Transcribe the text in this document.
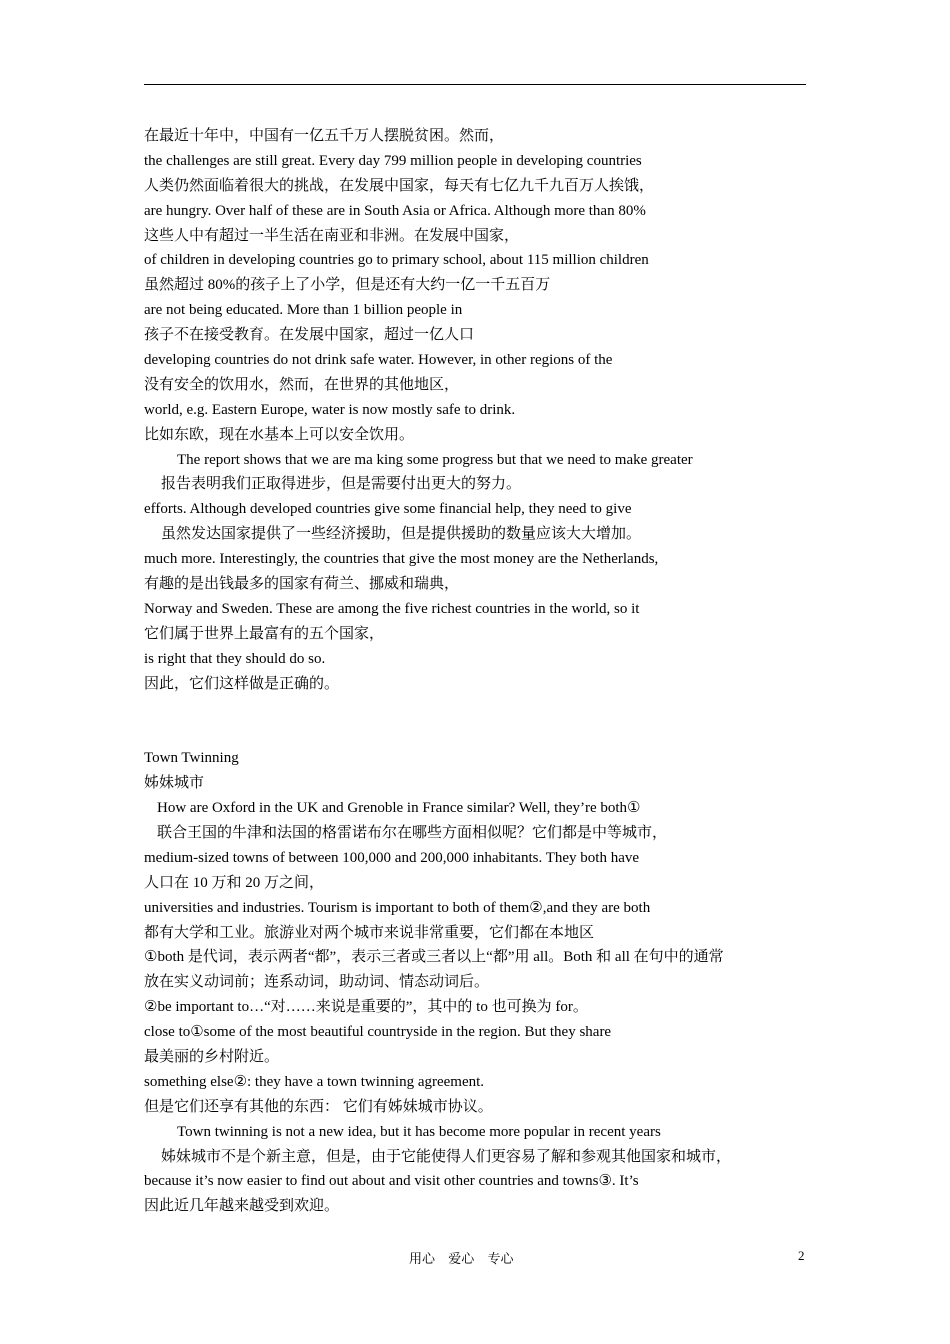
在最近十年中，中国有一亿五千万人摆脱贫困。然而，
the challenges are still great. Every day 799 million people in developing countries
人类仍然面临着很大的挑战，在发展中国家，每天有七亿九千九百万人挨饿，
are hungry. Over half of these are in South Asia or Africa. Although more than 80%
这些人中有超过一半生活在南亚和非洲。在发展中国家，
of children in developing countries go to primary school, about 115 million children
虽然超过 80%的孩子上了小学，但是还有大约一亿一千五百万
are not being educated. More than 1 billion people in
孩子不在接受教育。在发展中国家，超过一亿人口
developing countries do not drink safe water. However, in other regions of the
没有安全的饮用水，然而，在世界的其他地区，
world, e.g. Eastern Europe, water is now mostly safe to drink.
比如东欧，现在水基本上可以安全饮用。
The report shows that we are ma king some progress but that we need to make greater
报告表明我们正取得进步，但是需要付出更大的努力。
efforts. Although developed countries give some financial help, they need to give
虽然发达国家提供了一些经济援助，但是提供援助的数量应该大大增加。
much more. Interestingly, the countries that give the most money are the Netherlands,
有趣的是出钱最多的国家有荷兰、挪威和瑞典，
Norway and Sweden. These are among the five richest countries in the world, so it
它们属于世界上最富有的五个国家，
is right that they should do so.
因此，它们这样做是正确的。
Town Twinning
姊妹城市
How are Oxford in the UK and Grenoble in France similar? Well, they’re both①
联合王国的牛津和法国的格雷诺布尔在哪些方面相似呢？它们都是中等城市，
medium-sized towns of between 100,000 and 200,000 inhabitants. They both have
人口在 10 万和 20 万之间，
universities and industries. Tourism is important to both of them②,and they are both
都有大学和工业。旅游业对两个城市来说非常重要，它们都在本地区
①both 是代词，表示两者“都”，表示三者或三者以上“都”用 all。Both 和 all 在句中的通常
放在实义动词前；连系动词，助动词、情态动词后。
②be important to…“对……来说是重要的”，其中的 to 也可换为 for。
close to①some of the most beautiful countryside in the region. But they share
最美丽的乡村附近。
something else②: they have a town twinning agreement.
但是它们还享有其他的东西： 它们有姊妹城市协议。
Town twinning is not a new idea, but it has become more popular in recent years
姊妹城市不是个新主意，但是，由于它能使得人们更容易了解和参观其他国家和城市，
because it’s now easier to find out about and visit other countries and towns③. It’s
因此近几年越来越受到欢迎。
用心 爱心 专心	2
